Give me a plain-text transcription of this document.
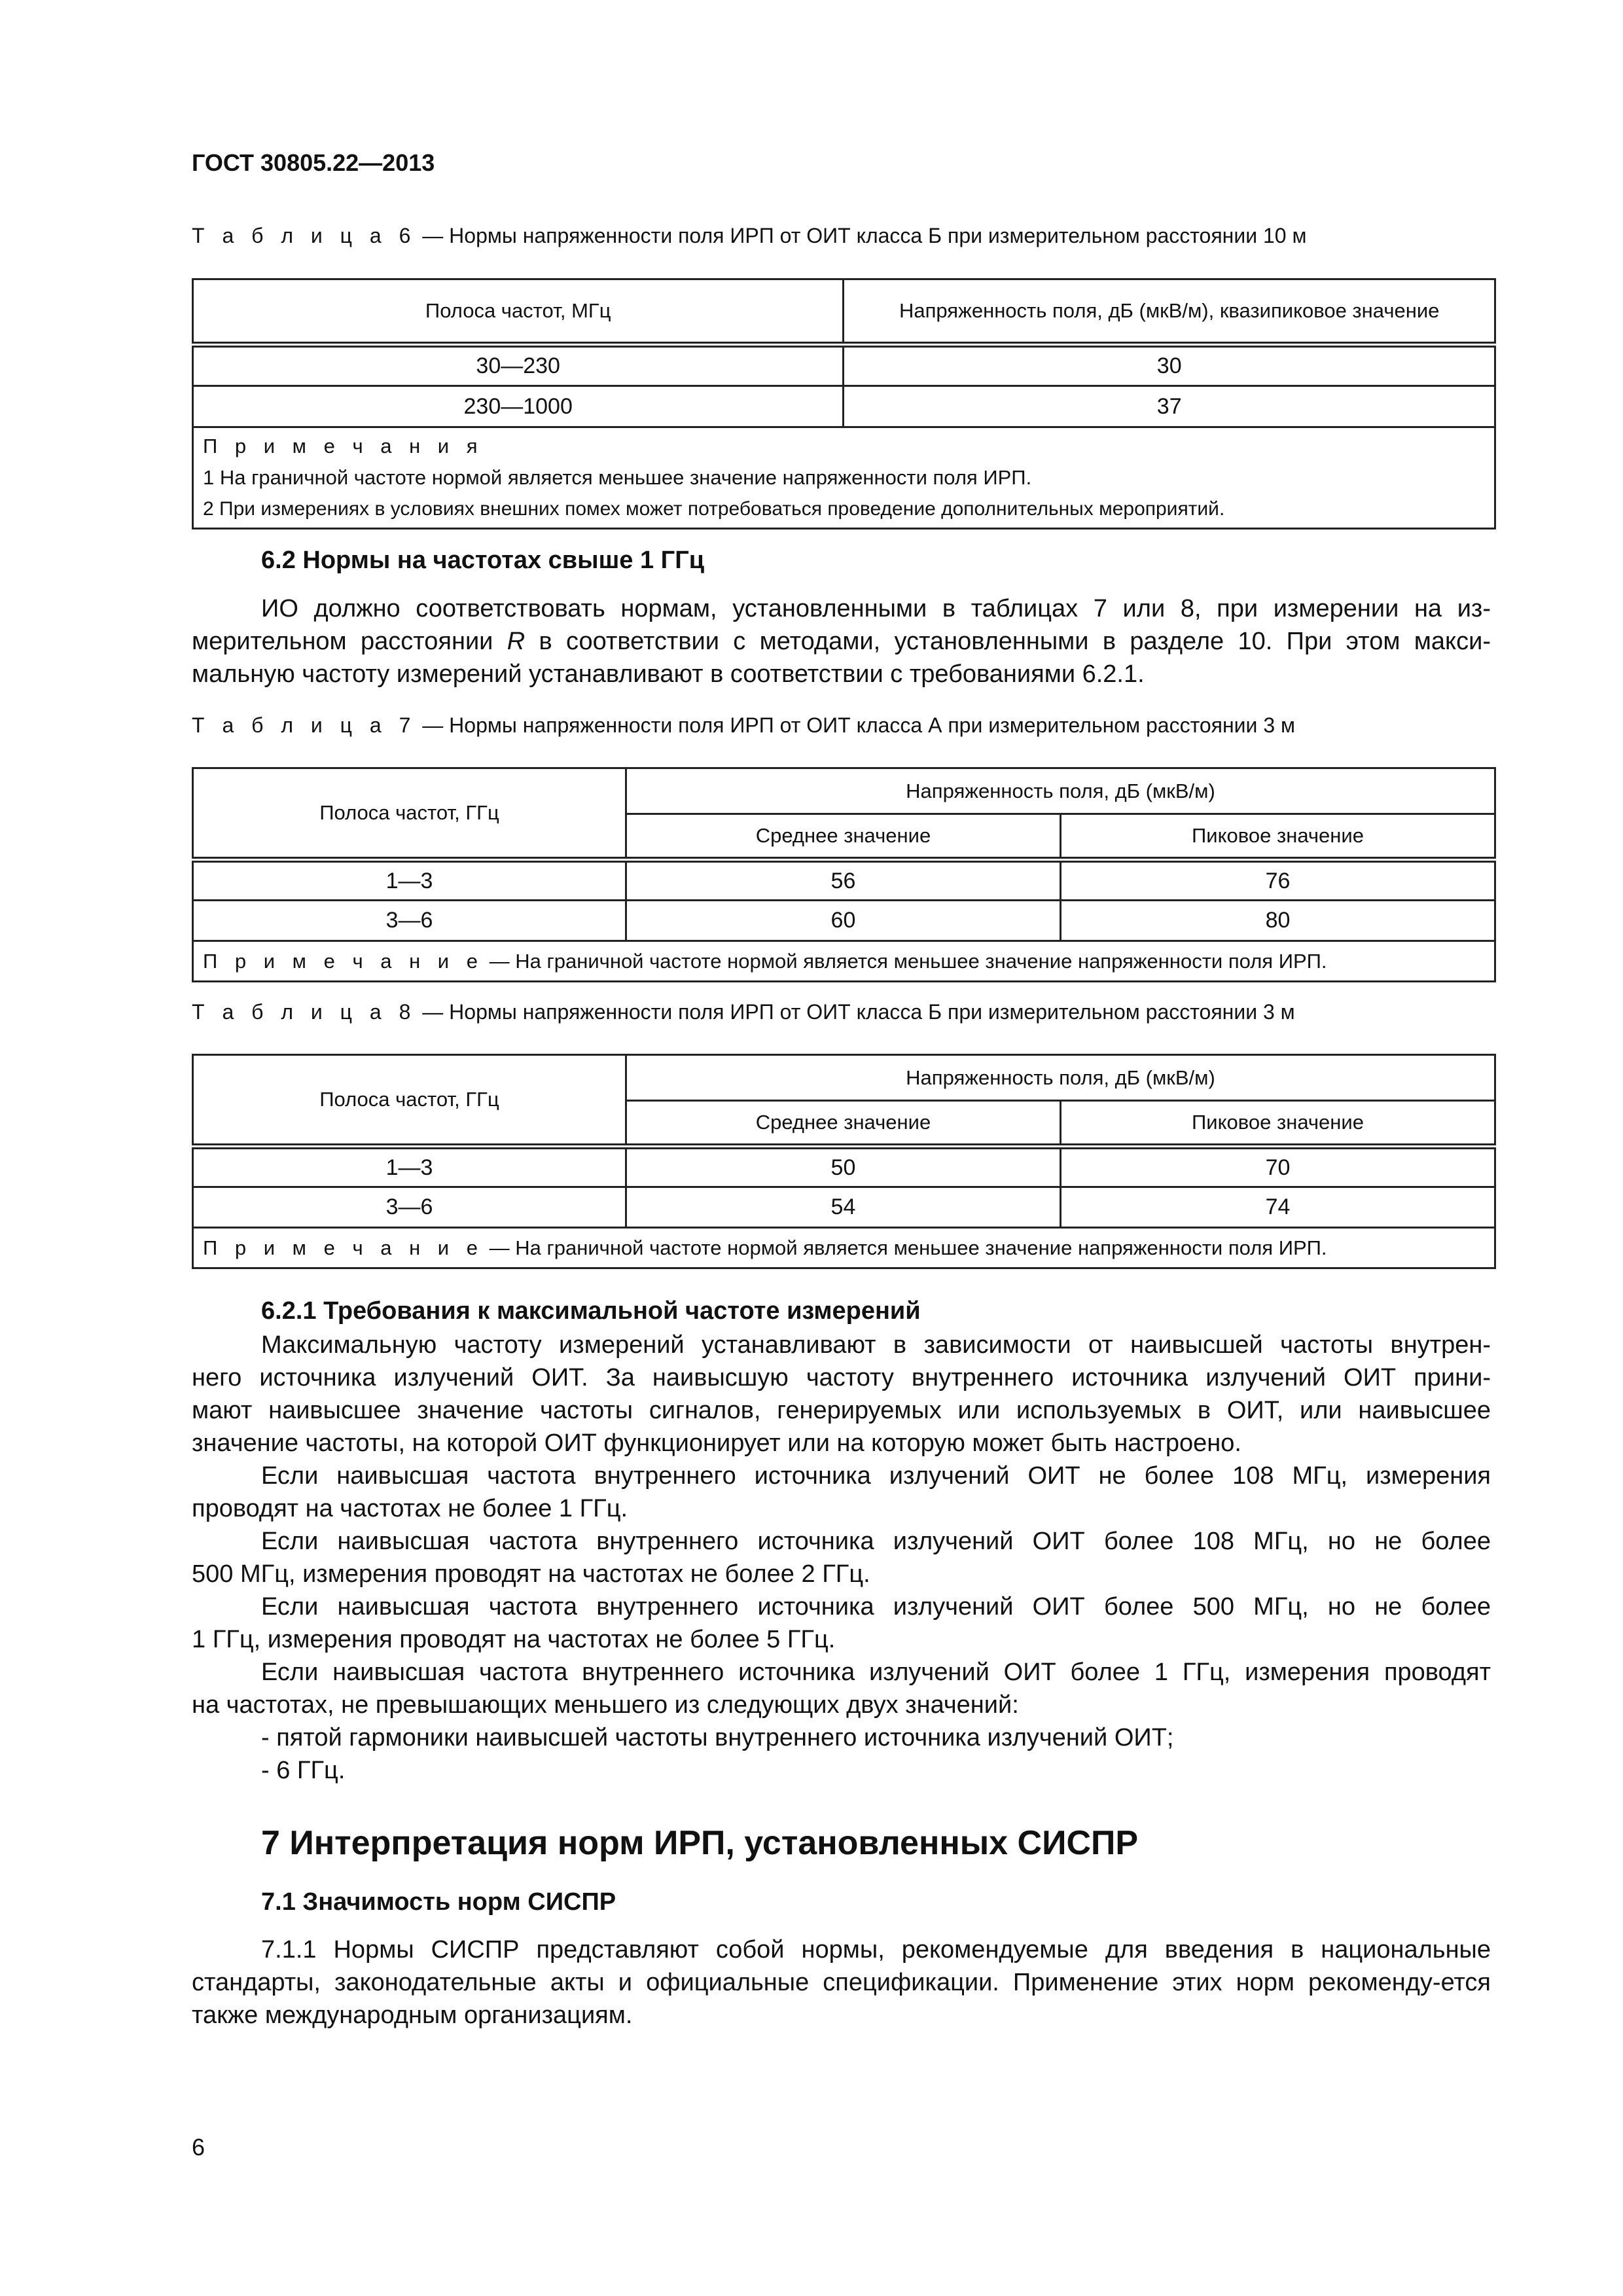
ГОСТ 30805.22—2013
Т а б л и ц а 6 — Нормы напряженности поля ИРП от ОИТ класса Б при измерительном расстоянии 10 м
Полоса частот, МГц	Напряженность поля, дБ (мкВ/м), квазипиковое значение
30—230	30
230—1000	37

П р и м е ч а н и я
1 На граничной частоте нормой является меньшее значение напряженности поля ИРП.
2 При измерениях в условиях внешних помех может потребоваться проведение дополнительных мероприятий.	
6.2 Нормы на частотах свыше 1 ГГц
ИО должно соответствовать нормам, установленными в таблицах 7 или 8, при измерении на из-мерительном расстоянии R в соответствии с методами, установленными в разделе 10. При этом макси-мальную частоту измерений устанавливают в соответствии с требованиями 6.2.1.
Т а б л и ц а 7 — Нормы напряженности поля ИРП от ОИТ класса А при измерительном расстоянии 3 м
Полоса частот, ГГц	Напряженность поля, дБ (мкВ/м)	
	Среднее значение	Пиковое значение
1—3	56	76
3—6	60	80
П р и м е ч а н и е — На граничной частоте нормой является меньшее значение напряженности поля ИРП.		
Т а б л и ц а 8 — Нормы напряженности поля ИРП от ОИТ класса Б при измерительном расстоянии 3 м
Полоса частот, ГГц	Напряженность поля, дБ (мкВ/м)	
	Среднее значение	Пиковое значение
1—3	50	70
3—6	54	74
П р и м е ч а н и е — На граничной частоте нормой является меньшее значение напряженности поля ИРП.		
6.2.1 Требования к максимальной частоте измерений
Максимальную частоту измерений устанавливают в зависимости от наивысшей частоты внутрен-
него источника излучений ОИТ. За наивысшую частоту внутреннего источника излучений ОИТ прини-
мают наивысшее значение частоты сигналов, генерируемых или используемых в ОИТ, или наивысшее
значение частоты, на которой ОИТ функционирует или на которую может быть настроено.
Если наивысшая частота внутреннего источника излучений ОИТ не более 108 МГц, измерения
проводят на частотах не более 1 ГГц.
Если наивысшая частота внутреннего источника излучений ОИТ более 108 МГц, но не более
500 МГц, измерения проводят на частотах не более 2 ГГц.
Если наивысшая частота внутреннего источника излучений ОИТ более 500 МГц, но не более
1 ГГц, измерения проводят на частотах не более 5 ГГц.
Если наивысшая частота внутреннего источника излучений ОИТ более 1 ГГц, измерения проводят
на частотах, не превышающих меньшего из следующих двух значений:
- пятой гармоники наивысшей частоты внутреннего источника излучений ОИТ;
- 6 ГГц.
7 Интерпретация норм ИРП, установленных СИСПР
7.1 Значимость норм СИСПР
7.1.1 Нормы СИСПР представляют собой нормы, рекомендуемые для введения в национальные стандарты, законодательные акты и официальные спецификации. Применение этих норм рекоменду-ется также международным организациям.
6
